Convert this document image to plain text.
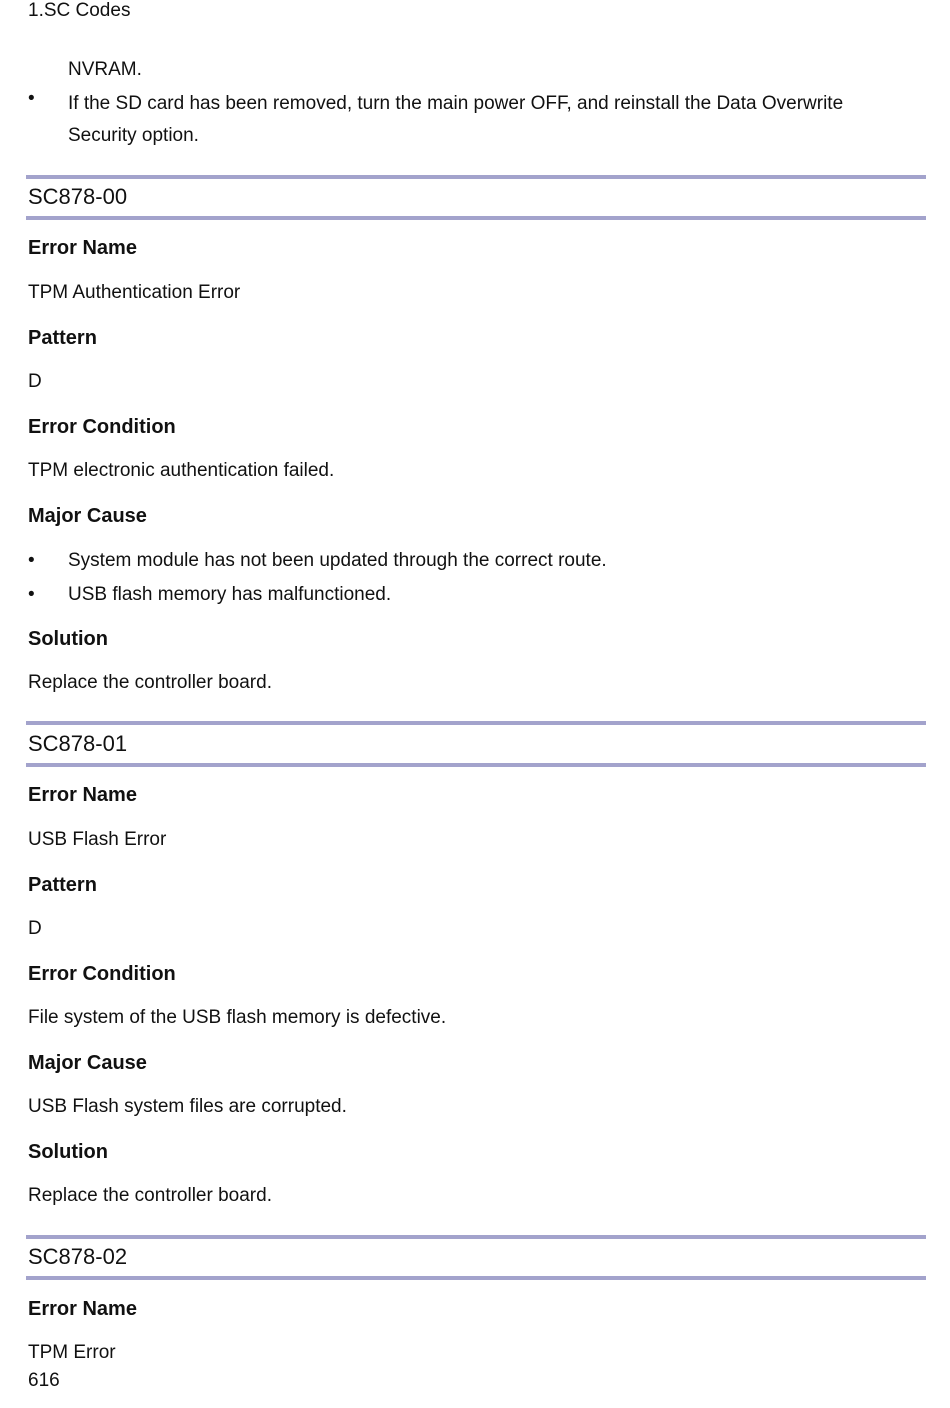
1.SC Codes
NVRAM.
•	If the SD card has been removed, turn the main power OFF, and reinstall the Data Overwrite Security option.
SC878-00
Error Name
TPM Authentication Error
Pattern
D
Error Condition
TPM electronic authentication failed.
Major Cause
•	System module has not been updated through the correct route.
•	USB flash memory has malfunctioned.
Solution
Replace the controller board.
SC878-01
Error Name
USB Flash Error
Pattern
D
Error Condition
File system of the USB flash memory is defective.
Major Cause
USB Flash system files are corrupted.
Solution
Replace the controller board.
SC878-02
Error Name
TPM Error
616
